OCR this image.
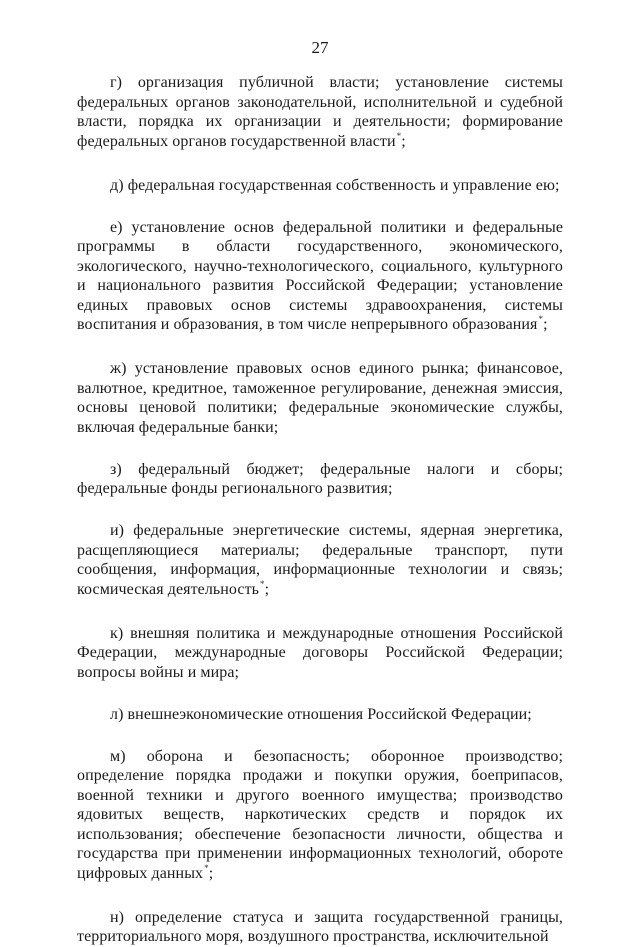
27

г) организация публичной власти; установление системы федеральных органов законодательной, исполнительной и судебной власти, порядка их организации и деятельности; формирование федеральных органов государственной власти*;

д) федеральная государственная собственность и управление ею;

е) установление основ федеральной политики и федеральные программы в области государственного, экономического, экологического, научно-технологического, социального, культурного и национального развития Российской Федерации; установление единых правовых основ системы здравоохранения, системы воспитания и образования, в том числе непрерывного образования*;

ж) установление правовых основ единого рынка; финансовое, валютное, кредитное, таможенное регулирование, денежная эмиссия, основы ценовой политики; федеральные экономические службы, включая федеральные банки;

з) федеральный бюджет; федеральные налоги и сборы; федеральные фонды регионального развития;

и) федеральные энергетические системы, ядерная энергетика, расщепляющиеся материалы; федеральные транспорт, пути сообщения, информация, информационные технологии и связь; космическая деятельность*;

к) внешняя политика и международные отношения Российской Федерации, международные договоры Российской Федерации; вопросы войны и мира;

л) внешнеэкономические отношения Российской Федерации;

м) оборона и безопасность; оборонное производство; определение порядка продажи и покупки оружия, боеприпасов, военной техники и другого военного имущества; производство ядовитых веществ, наркотических средств и порядок их использования; обеспечение безопасности личности, общества и государства при применении информационных технологий, обороте цифровых данных*;

н) определение статуса и защита государственной границы, территориального моря, воздушного пространства, исключительной
